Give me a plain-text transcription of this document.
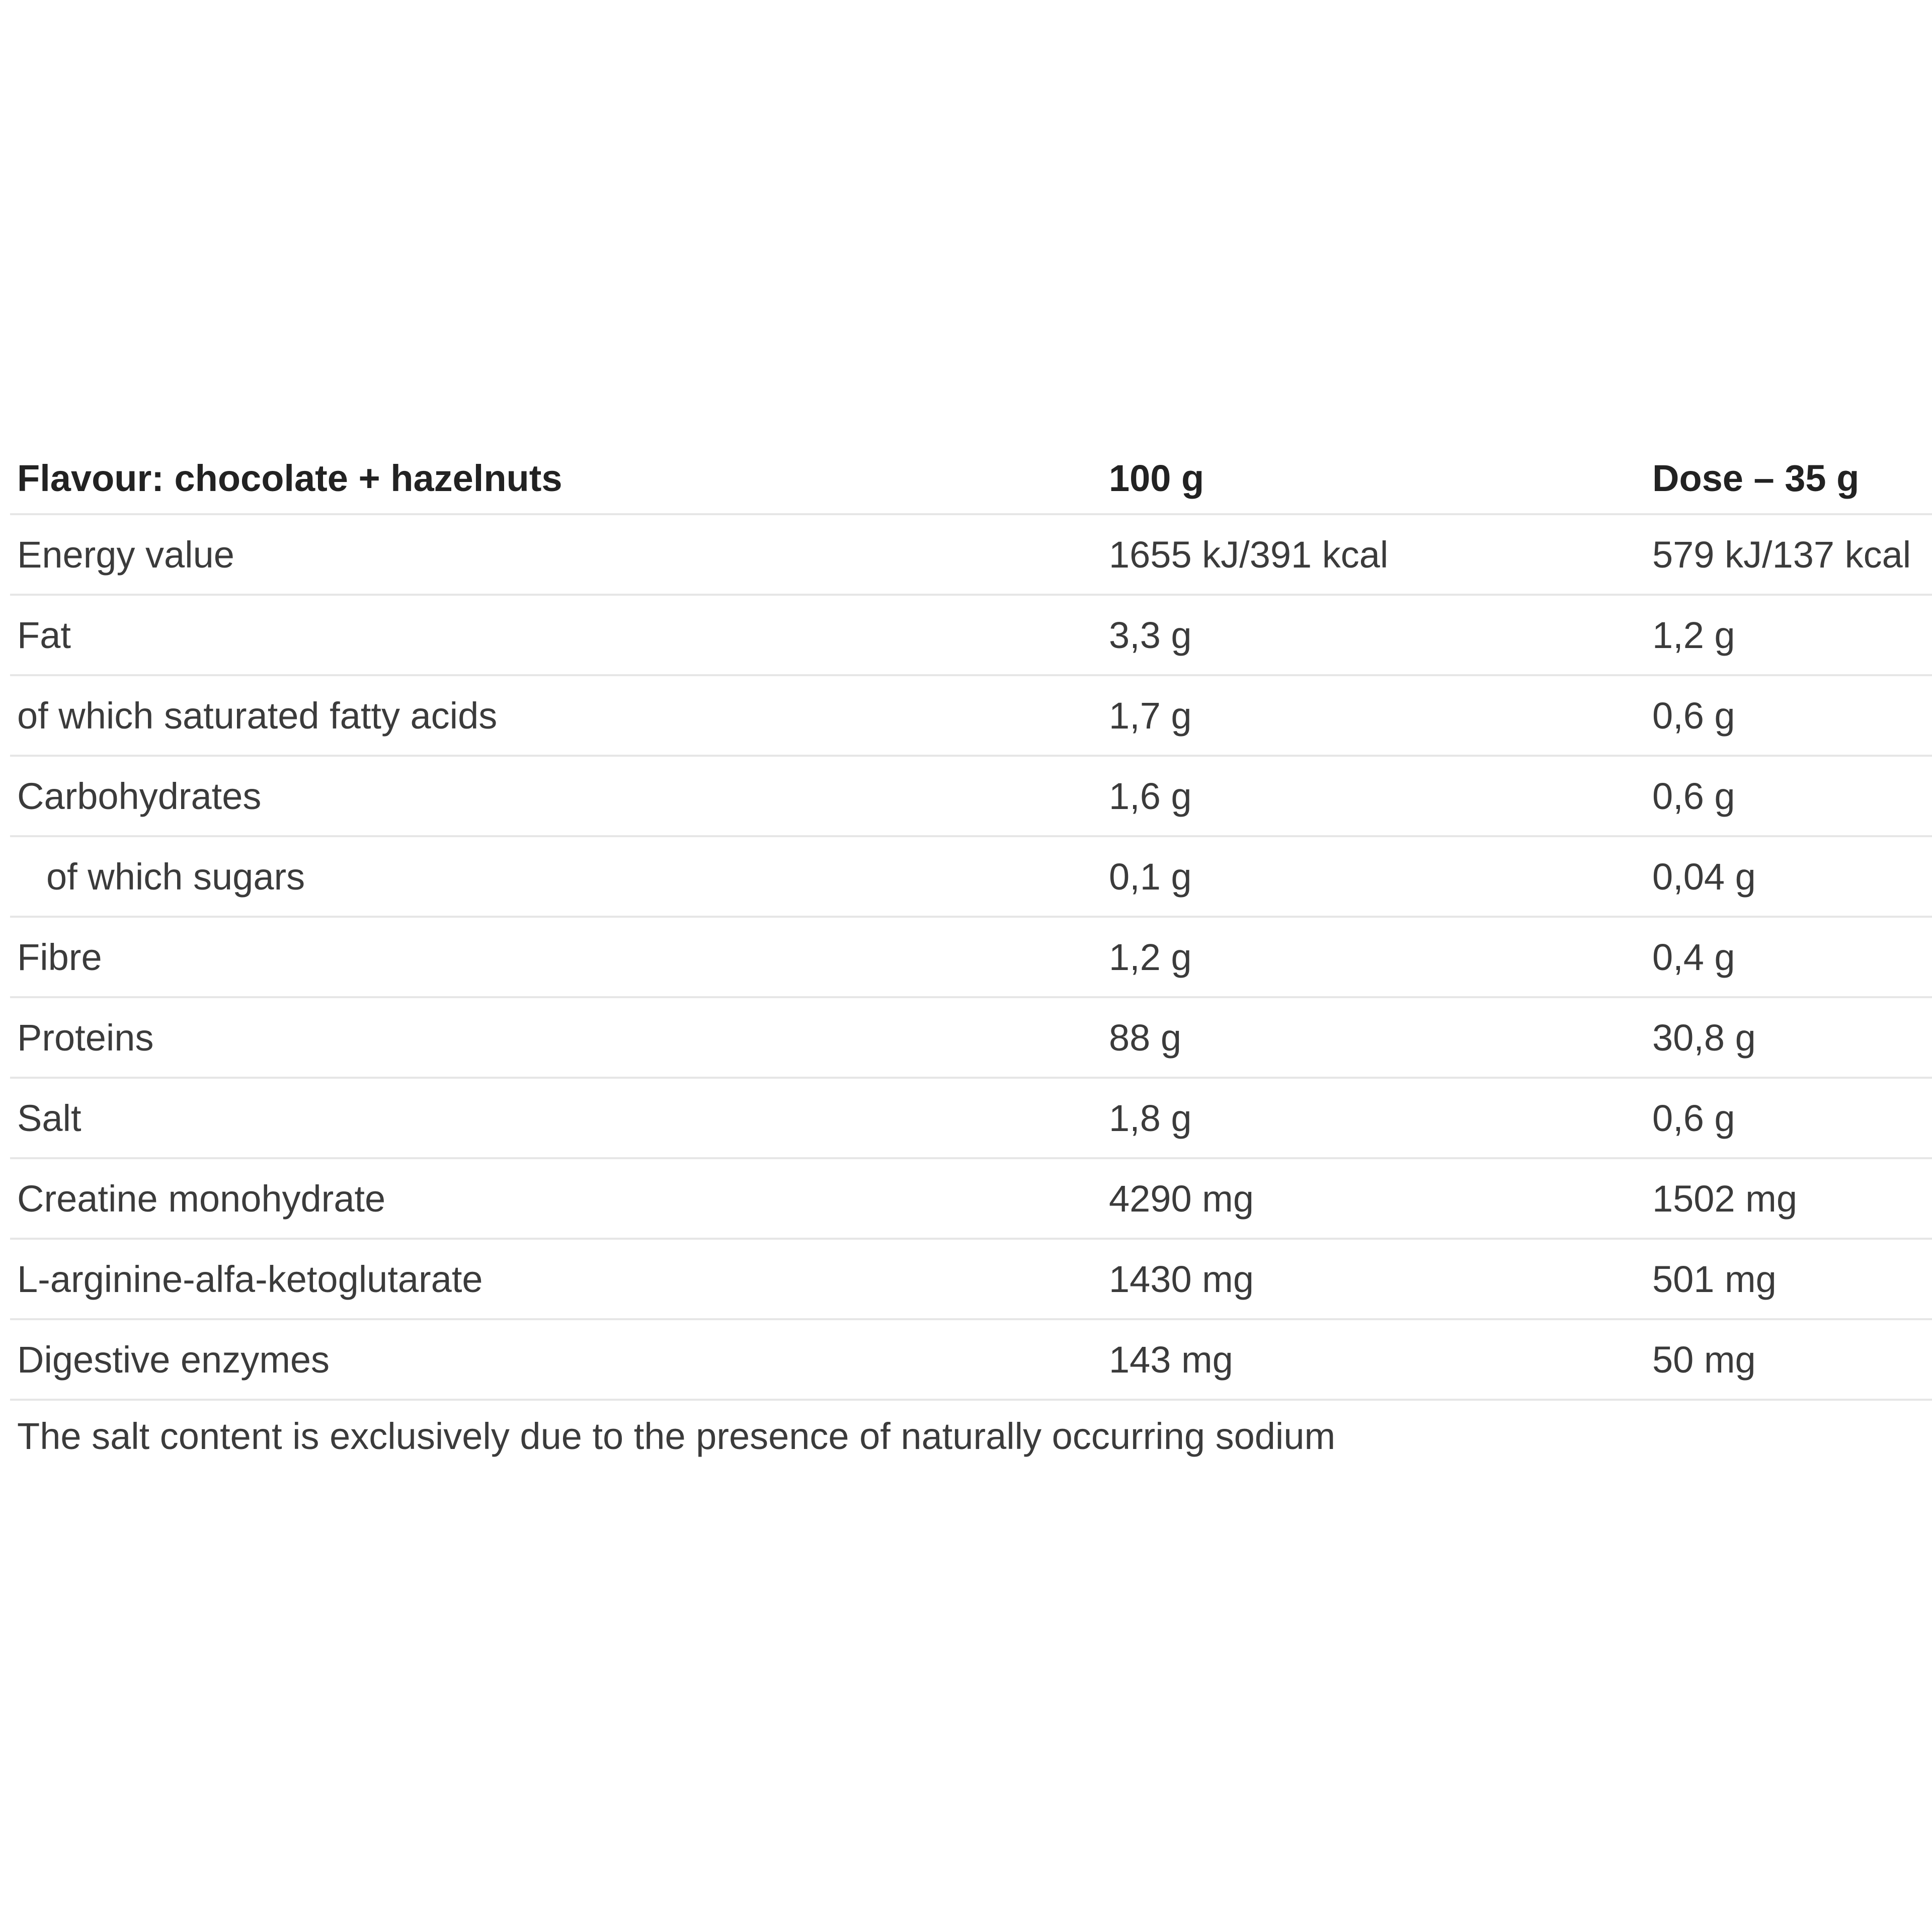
Flavour: chocolate + hazelnuts	100 g	Dose – 35 g
Energy value	1655 kJ/391 kcal	579 kJ/137 kcal
Fat	3,3 g	1,2 g
of which saturated fatty acids	1,7 g	0,6 g
Carbohydrates	1,6 g	0,6 g
of which sugars	0,1 g	0,04 g
Fibre	1,2 g	0,4 g
Proteins	88 g	30,8 g
Salt	1,8 g	0,6 g
Creatine monohydrate	4290 mg	1502 mg
L-arginine-alfa-ketoglutarate	1430 mg	501 mg
Digestive enzymes	143 mg	50 mg
The salt content is exclusively due to the presence of naturally occurring sodium
